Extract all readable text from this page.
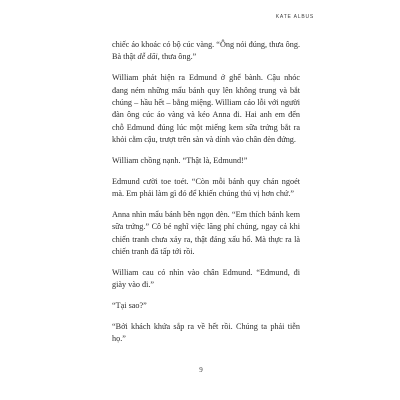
KATE ALBUS

chiếc áo khoác có bộ cúc vàng. “Ông nói đúng, thưa ông. Bà thật dễ dãi, thưa ông.”

William phát hiện ra Edmund ở ghế bành. Cậu nhóc đang ném những mẩu bánh quy lên không trung và bắt chúng – hầu hết – bằng miệng. William cáo lỗi với người đàn ông cúc áo vàng và kéo Anna đi. Hai anh em đến chỗ Edmund đúng lúc một miếng kem sữa trứng bắt ra khỏi cằm cậu, trượt trên sàn và dính vào chân đèn đứng.

William chồng nạnh. “Thật là, Edmund!”

Edmund cười toe toét. “Còn mỗi bánh quy chán ngoét mà. Em phải làm gì đó để khiến chúng thú vị hơn chứ.”

Anna nhìn mẩu bánh bên ngọn đèn. “Em thích bánh kem sữa trứng.” Cô bé nghĩ việc lãng phí chúng, ngay cả khi chiến tranh chưa xảy ra, thật đáng xấu hổ. Mà thực ra là chiến tranh đã tấp tới rồi.

William cau có nhìn vào chân Edmund. “Edmund, đi giày vào đi.”

“Tại sao?”

“Bởi khách khứa sắp ra về hết rồi. Chúng ta phải tiễn họ.”

9
